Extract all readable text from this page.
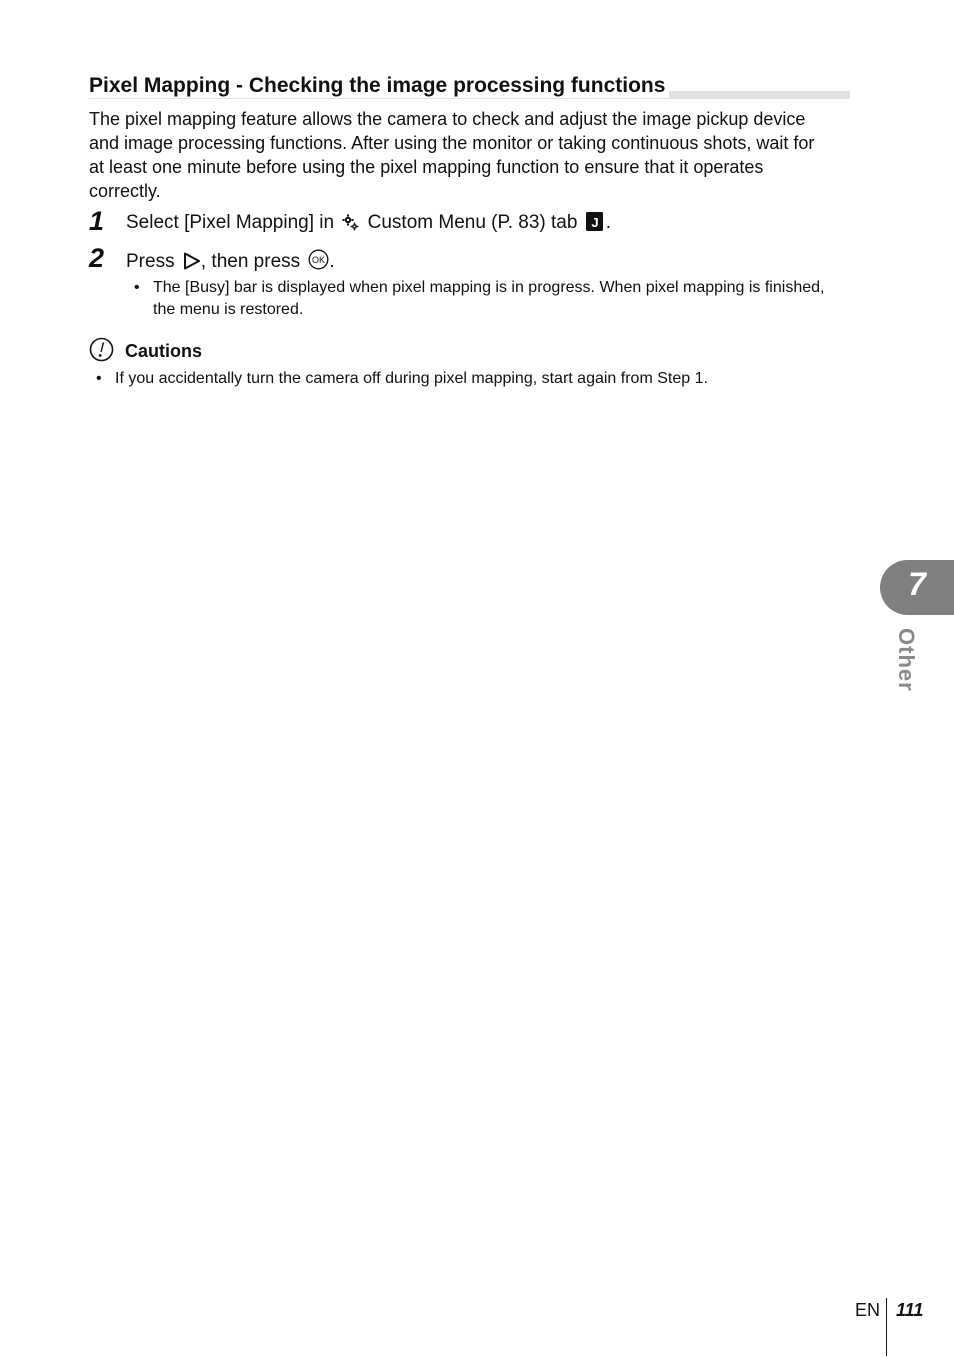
Pixel Mapping - Checking the image processing functions

The pixel mapping feature allows the camera to check and adjust the image pickup device and image processing functions. After using the monitor or taking continuous shots, wait for at least one minute before using the pixel mapping function to ensure that it operates correctly.

1 Select [Pixel Mapping] in Custom Menu (P. 83) tab J .
2 Press , then press OK .
• The [Busy] bar is displayed when pixel mapping is in progress. When pixel mapping is finished, the menu is restored.
Cautions
• If you accidentally turn the camera off during pixel mapping, start again from Step 1.
7
Other
EN 111
